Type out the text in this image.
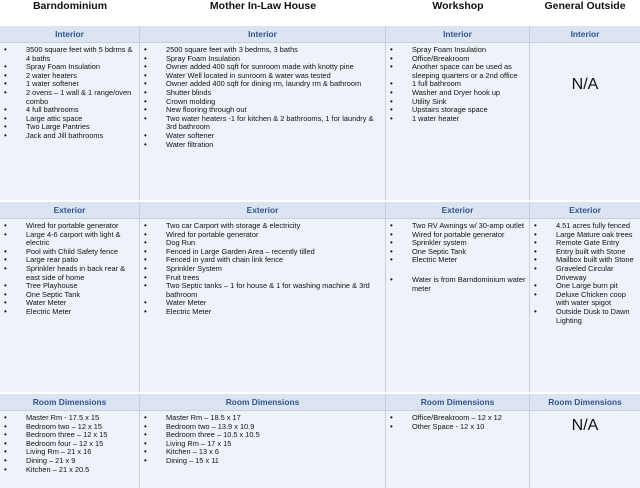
Barndominium	Mother In-Law House	Workshop	General Outside
Interior
• 3500 square feet with 5 bdrms & 4 baths
• Spray Foam Insulation
• 2 water heaters
• 1 water softener
• 2 ovens – 1 wall & 1 range/oven combo
• 4 full bathrooms
• Large attic space
• Two Large Pantries
• Jack and Jill bathrooms
Interior
• 2500 square feet with 3 bedrms, 3 baths
• Spray Foam Insulation
• Owner added 400 sqft for sunroom made with knotty pine
• Water Well located in sunroom & water was tested
• Owner added 400 sqft for dining rm, laundry rm & bathroom
• Shutter blinds
• Crown molding
• New flooring through out
• Two water heaters -1 for kitchen & 2 bathrooms, 1 for laundry & 3rd bathroom
• Water softener
• Water filtration
Interior
• Spray Foam Insulation
• Office/Breakroom
• Another space can be used as sleeping quarters or a 2nd office
• 1 full bathroom
• Washer and Dryer hook up
• Utility Sink
• Upstairs storage space
• 1 water heater
Interior
N/A
Exterior
• Wired for portable generator
• Large 4-6 carport with light & electric
• Pool with Child Safety fence
• Large rear patio
• Sprinkler heads in back rear & east side of home
• Tree Playhouse
• One Septic Tank
• Water Meter
• Electric Meter
Exterior
• Two car Carport with storage & electricity
• Wired for portable generator
• Dog Run
• Fenced in Large Garden Area – recently tilled
• Fenced in yard with chain link fence
• Sprinkler System
• Fruit trees
• Two Septic tanks – 1 for house & 1 for washing machine & 3rd bathroom
• Water Meter
• Electric Meter
Exterior
• Two RV Awnings w/ 30-amp outlet
• Wired for portable generator
• Sprinkler system
• One Septic Tank
• Electric Meter
• Water is from Barndominium water meter
Exterior
• 4.51 acres fully fenced
• Large Mature oak trees
• Remote Gate Entry
• Entry built with Stone
• Mailbox built with Stone
• Graveled Circular Driveway
• One Large burn pit
• Deluxe Chicken coop with water spigot
• Outside Dusk to Dawn Lighting
Room Dimensions
• Master Rm - 17.5 x 15
• Bedroom two – 12 x 15
• Bedroom three – 12 x 15
• Bedroom four – 12 x 15
• Living Rm – 21 x 16
• Dining – 21 x 9
• Kitchen – 21 x 20.5
Room Dimensions
• Master Rm – 18.5 x 17
• Bedroom two – 13.9 x 10.9
• Bedroom three – 10.5 x 10.5
• Living Rm – 17 x 15
• Kitchen – 13 x 6
• Dining – 15 x 11
Room Dimensions
• Office/Breakroom – 12 x 12
• Other Space - 12 x 10
Room Dimensions
N/A
